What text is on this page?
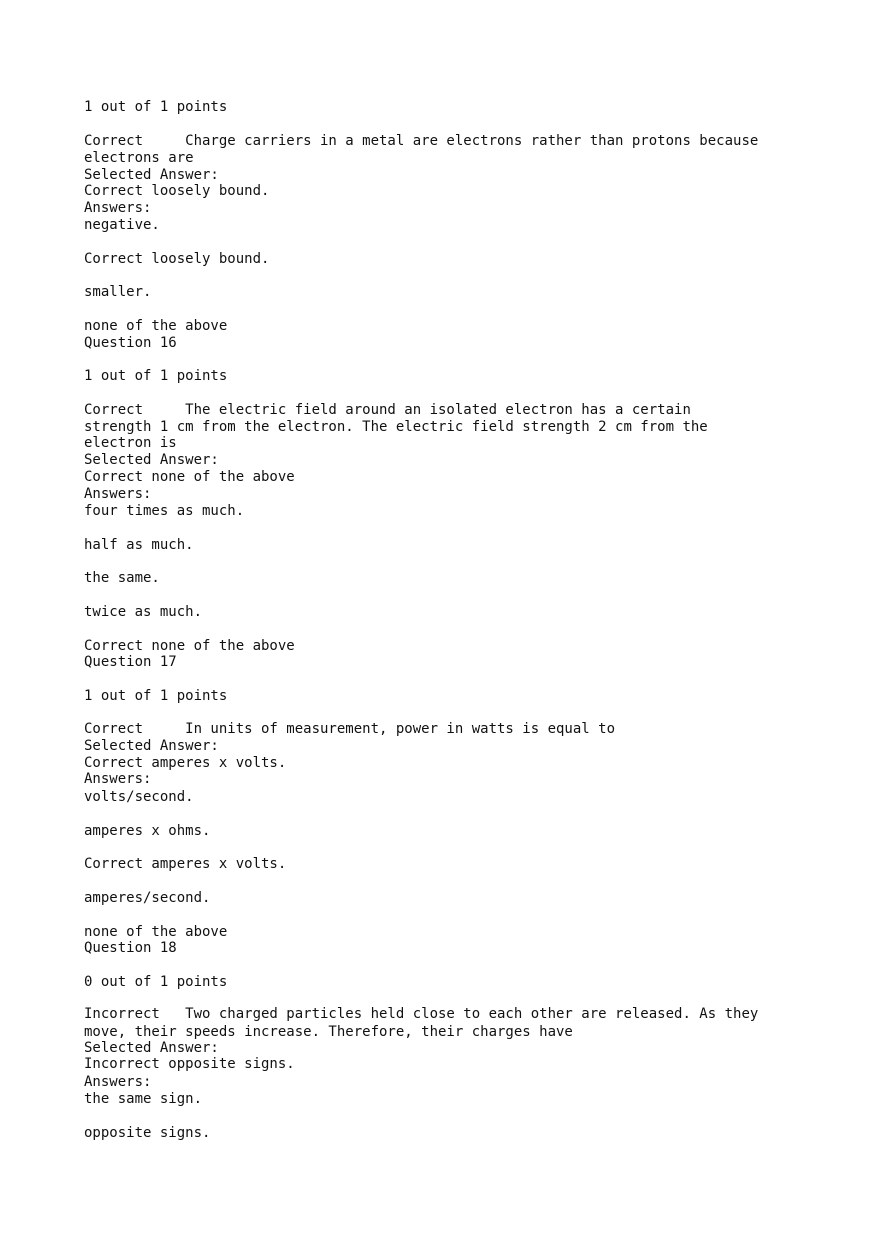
1 out of 1 points
Correct     Charge carriers in a metal are electrons rather than protons because
electrons are
Selected Answer:
Correct loosely bound.
Answers:
negative.
Correct loosely bound.
smaller.
none of the above
Question 16
1 out of 1 points
Correct     The electric field around an isolated electron has a certain
strength 1 cm from the electron. The electric field strength 2 cm from the
electron is
Selected Answer:
Correct none of the above
Answers:
four times as much.
half as much.
the same.
twice as much.
Correct none of the above
Question 17
1 out of 1 points
Correct     In units of measurement, power in watts is equal to
Selected Answer:
Correct amperes x volts.
Answers:
volts/second.
amperes x ohms.
Correct amperes x volts.
amperes/second.
none of the above
Question 18
0 out of 1 points
Incorrect   Two charged particles held close to each other are released. As they
move, their speeds increase. Therefore, their charges have
Selected Answer:
Incorrect opposite signs.
Answers:
the same sign.
opposite signs.
